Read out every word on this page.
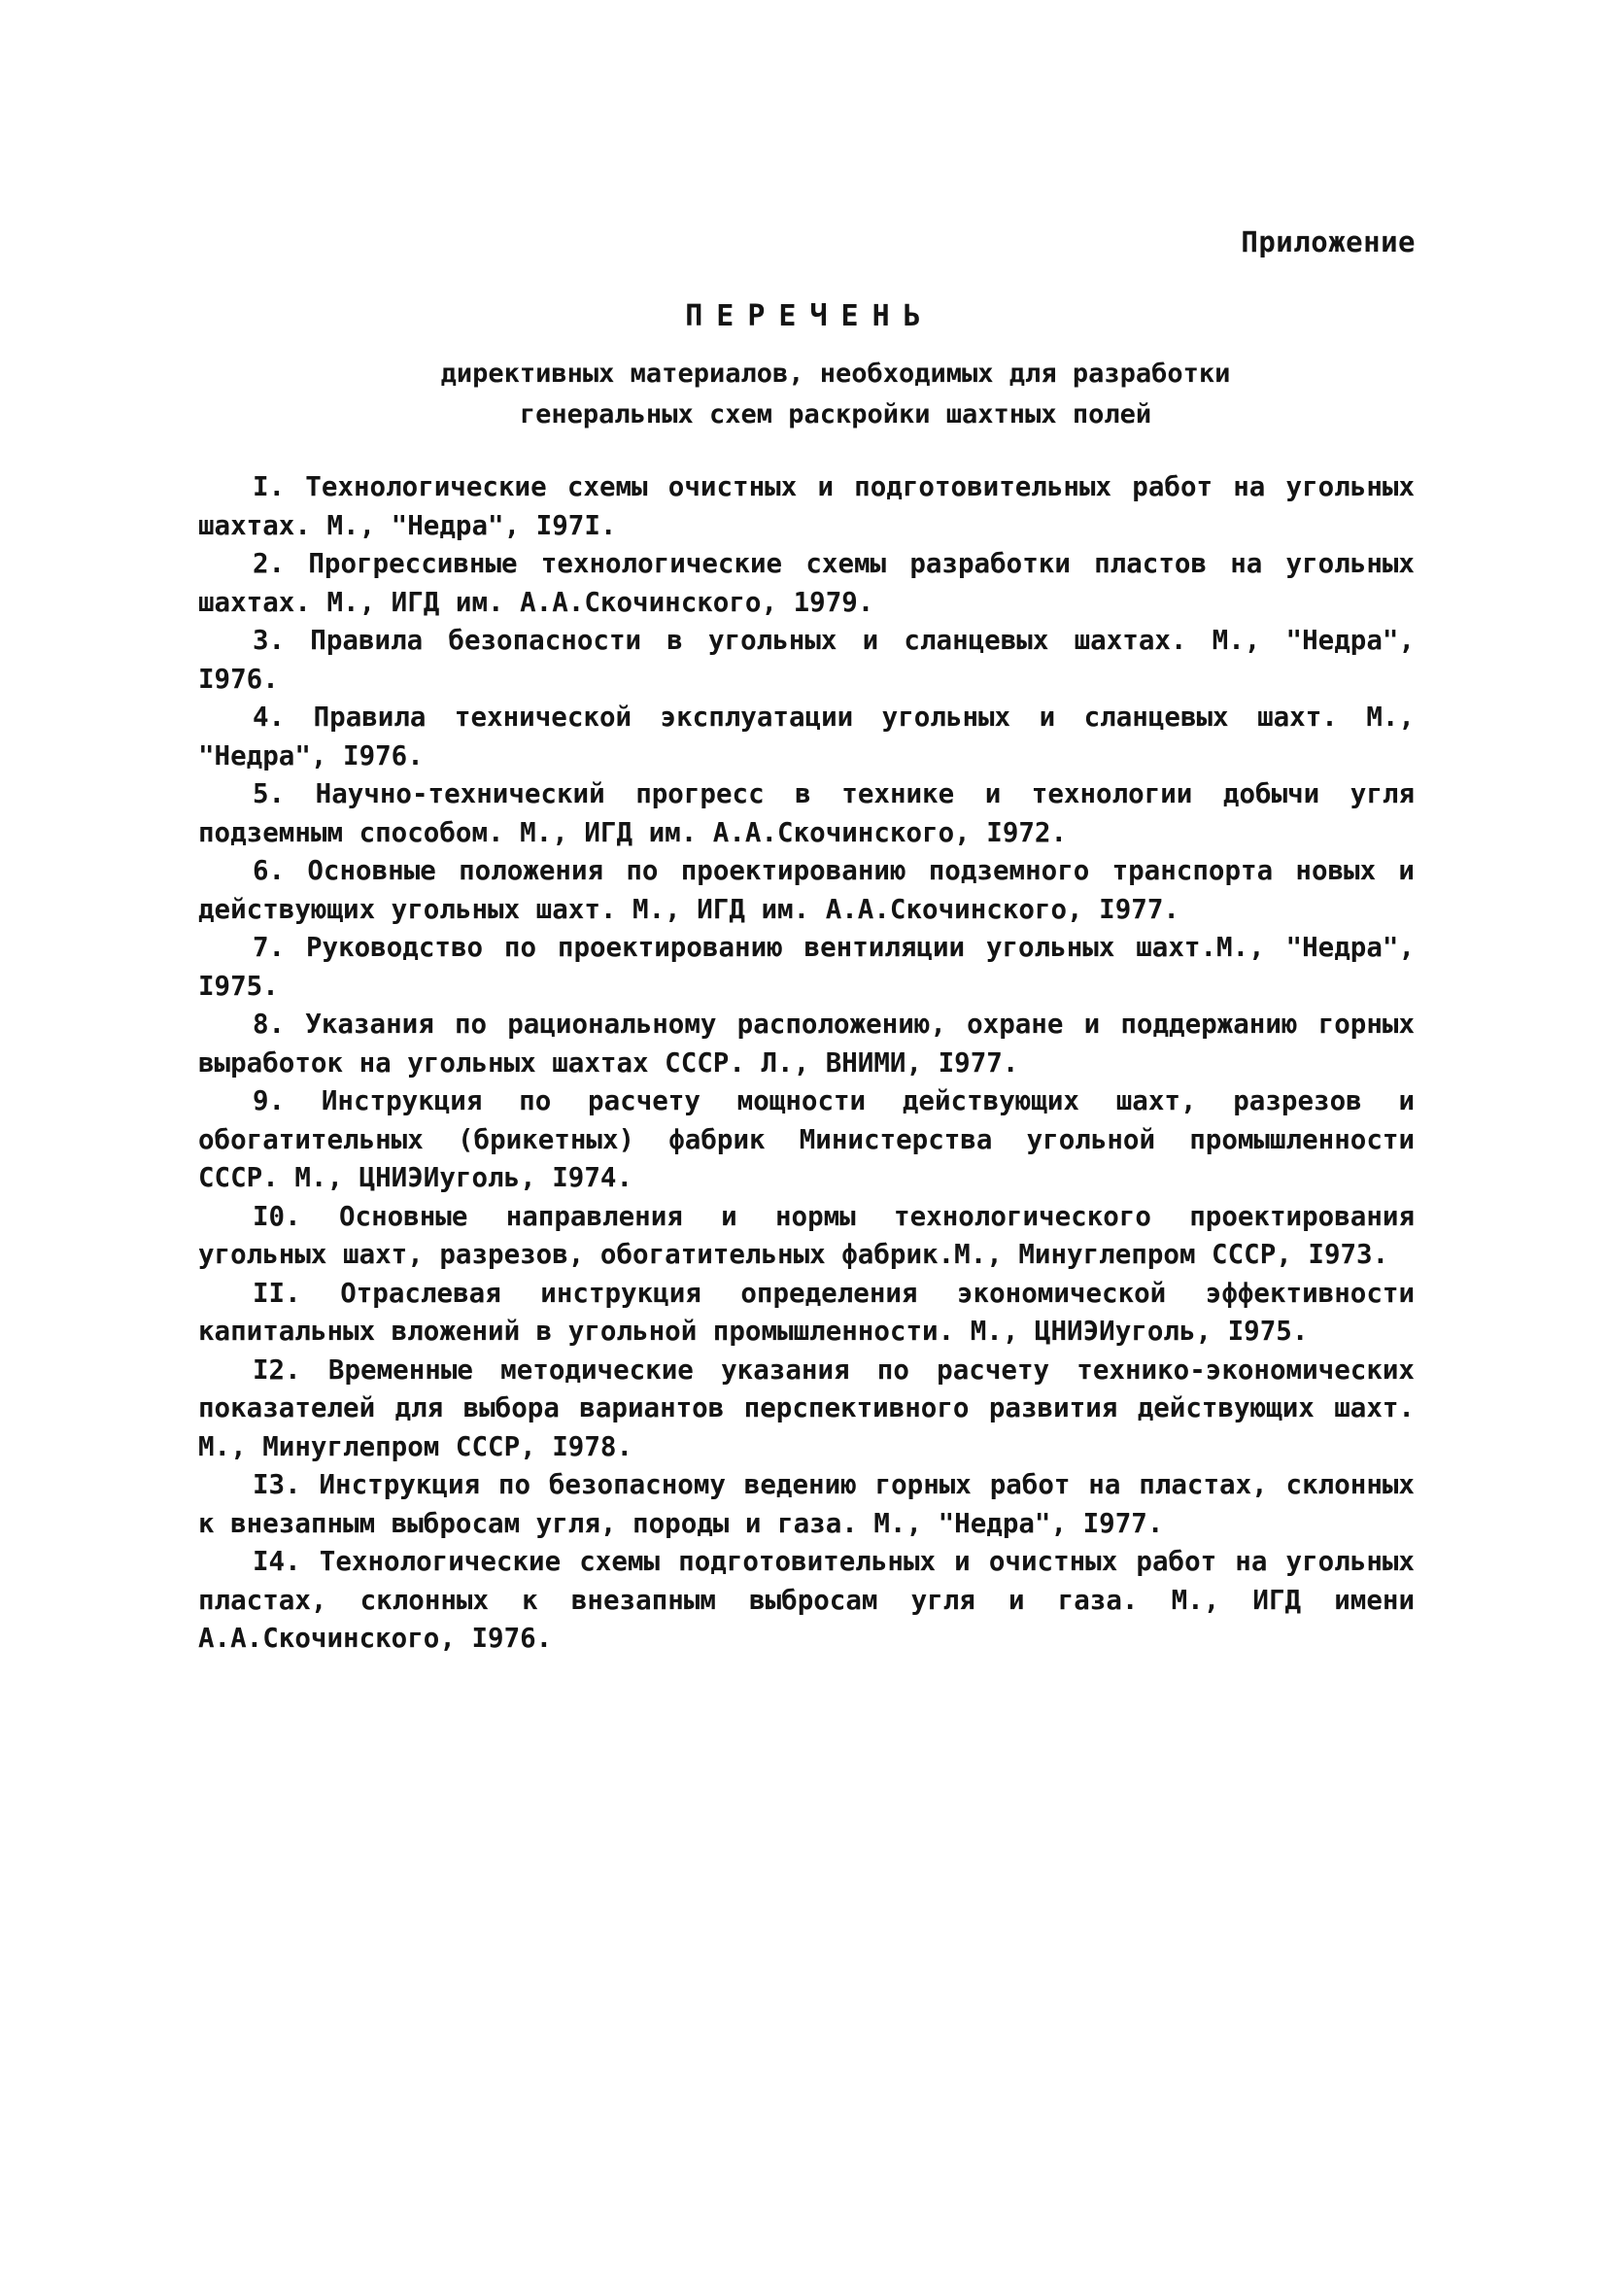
Приложение
ПЕРЕЧЕНЬ
директивных материалов, необходимых для разработки
генеральных схем раскройки шахтных полей
I. Технологические схемы очистных и подготовительных работ на угольных шахтах. М., "Недра", I97I.
2. Прогрессивные технологические схемы разработки пластов на угольных шахтах. М., ИГД им. А.А.Скочинского, 1979.
3. Правила безопасности в угольных и сланцевых шахтах. М., "Недра", I976.
4. Правила технической эксплуатации угольных и сланцевых шахт. М., "Недра", I976.
5. Научно-технический прогресс в технике и технологии добычи угля подземным способом. М., ИГД им. А.А.Скочинского, I972.
6. Основные положения по проектированию подземного транспорта новых и действующих угольных шахт. М., ИГД им. А.А.Скочинского, I977.
7. Руководство по проектированию вентиляции угольных шахт.М., "Недра", I975.
8. Указания по рациональному расположению, охране и поддержанию горных выработок на угольных шахтах СССР. Л., ВНИМИ, I977.
9. Инструкция по расчету мощности действующих шахт, разрезов и обогатительных (брикетных) фабрик Министерства угольной промышленности СССР. М., ЦНИЭИуголь, I974.
I0. Основные направления и нормы технологического проектирования угольных шахт, разрезов, обогатительных фабрик.М., Минуглепром СССР, I973.
II. Отраслевая инструкция определения экономической эффективности капитальных вложений в угольной промышленности. М., ЦНИЭИуголь, I975.
I2. Временные методические указания по расчету технико-экономических показателей для выбора вариантов перспективного развития действующих шахт. М., Минуглепром СССР, I978.
I3. Инструкция по безопасному ведению горных работ на пластах, склонных к внезапным выбросам угля, породы и газа. М., "Недра", I977.
I4. Технологические схемы подготовительных и очистных работ на угольных пластах, склонных к внезапным выбросам угля и газа. М., ИГД имени А.А.Скочинского, I976.
